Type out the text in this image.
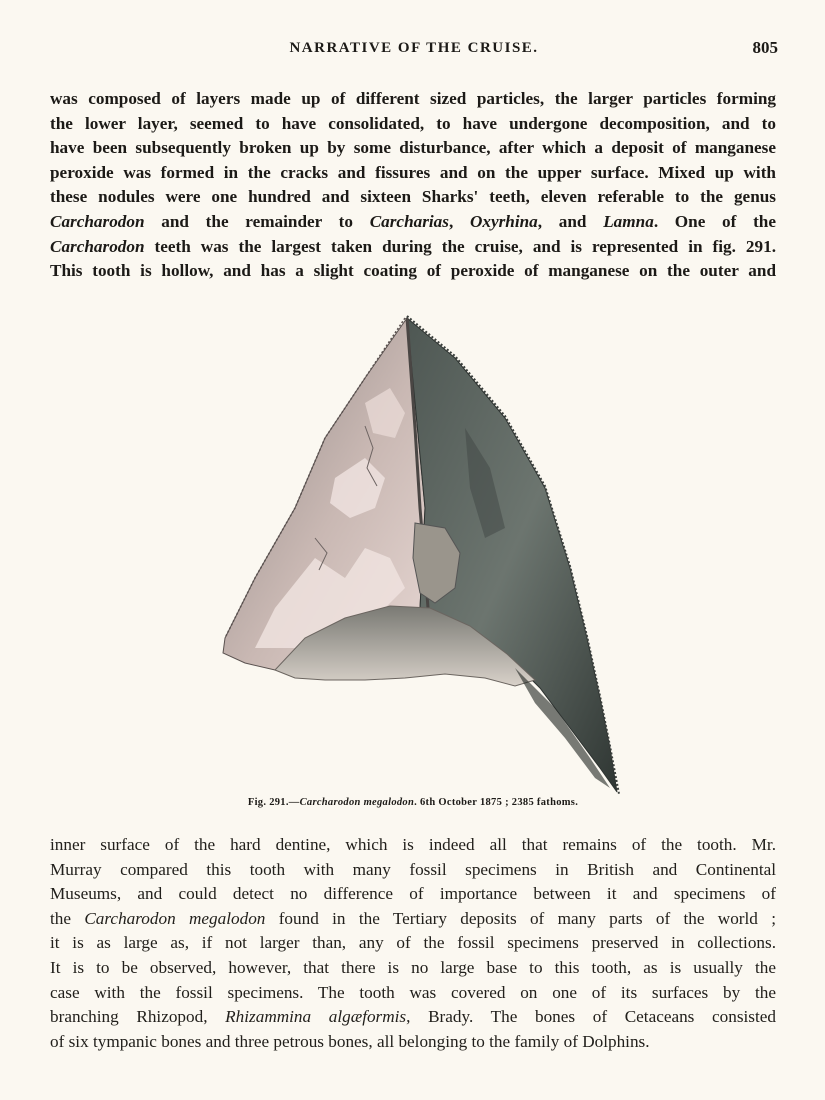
NARRATIVE OF THE CRUISE.	805
was composed of layers made up of different sized particles, the larger particles forming
the lower layer, seemed to have consolidated, to have undergone decomposition, and to
have been subsequently broken up by some disturbance, after which a deposit of manganese
peroxide was formed in the cracks and fissures and on the upper surface. Mixed up with
these nodules were one hundred and sixteen Sharks' teeth, eleven referable to the genus
Carcharodon and the remainder to Carcharias, Oxyrhina, and Lamna. One of the
Carcharodon teeth was the largest taken during the cruise, and is represented in fig. 291.
This tooth is hollow, and has a slight coating of peroxide of manganese on the outer and
Fig. 291.—Carcharodon megalodon. 6th October 1875 ; 2385 fathoms.
inner surface of the hard dentine, which is indeed all that remains of the tooth. Mr.
Murray compared this tooth with many fossil specimens in British and Continental
Museums, and could detect no difference of importance between it and specimens of
the Carcharodon megalodon found in the Tertiary deposits of many parts of the world ;
it is as large as, if not larger than, any of the fossil specimens preserved in collections.
It is to be observed, however, that there is no large base to this tooth, as is usually the
case with the fossil specimens. The tooth was covered on one of its surfaces by the
branching Rhizopod, Rhizammina algæformis, Brady. The bones of Cetaceans consisted
of six tympanic bones and three petrous bones, all belonging to the family of Dolphins.
